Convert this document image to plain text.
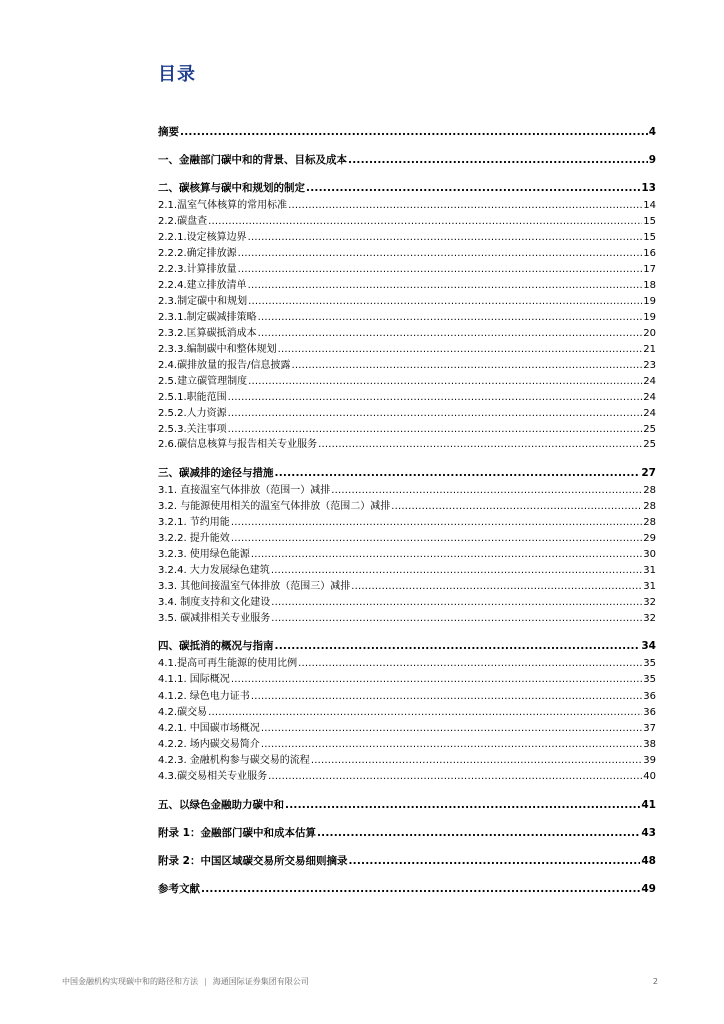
目录
摘要 .....	4
一、金融部门碳中和的背景、目标及成本 .....	9
二、碳核算与碳中和规划的制定 .....	13
2.1.温室气体核算的常用标准 .....	14
2.2.碳盘查 .....	15
2.2.1.设定核算边界 .....	15
2.2.2.确定排放源 .....	16
2.2.3.计算排放量 .....	17
2.2.4.建立排放清单 .....	18
2.3.制定碳中和规划 .....	19
2.3.1.制定碳减排策略 .....	19
2.3.2.匡算碳抵消成本 .....	20
2.3.3.编制碳中和整体规划 .....	21
2.4.碳排放量的报告/信息披露 .....	23
2.5.建立碳管理制度 .....	24
2.5.1.职能范围 .....	24
2.5.2.人力资源 .....	24
2.5.3.关注事项 .....	25
2.6.碳信息核算与报告相关专业服务 .....	25
三、碳减排的途径与措施 .....	27
3.1. 直接温室气体排放（范围一）减排 .....	28
3.2. 与能源使用相关的温室气体排放（范围二）减排 .....	28
3.2.1. 节约用能 .....	28
3.2.2. 提升能效 .....	29
3.2.3. 使用绿色能源 .....	30
3.2.4. 大力发展绿色建筑 .....	31
3.3. 其他间接温室气体排放（范围三）减排 .....	31
3.4. 制度支持和文化建设 .....	32
3.5. 碳减排相关专业服务 .....	32
四、碳抵消的概况与指南 .....	34
4.1.提高可再生能源的使用比例 .....	35
4.1.1. 国际概况 .....	35
4.1.2. 绿色电力证书 .....	36
4.2.碳交易 .....	36
4.2.1. 中国碳市场概况 .....	37
4.2.2. 场内碳交易简介 .....	38
4.2.3. 金融机构参与碳交易的流程 .....	39
4.3.碳交易相关专业服务 .....	40
五、以绿色金融助力碳中和 .....	41
附录 1：金融部门碳中和成本估算 .....	43
附录 2：中国区域碳交易所交易细则摘录 .....	48
参考文献 .....	49
中国金融机构实现碳中和的路径和方法 | 海通国际证券集团有限公司	2
